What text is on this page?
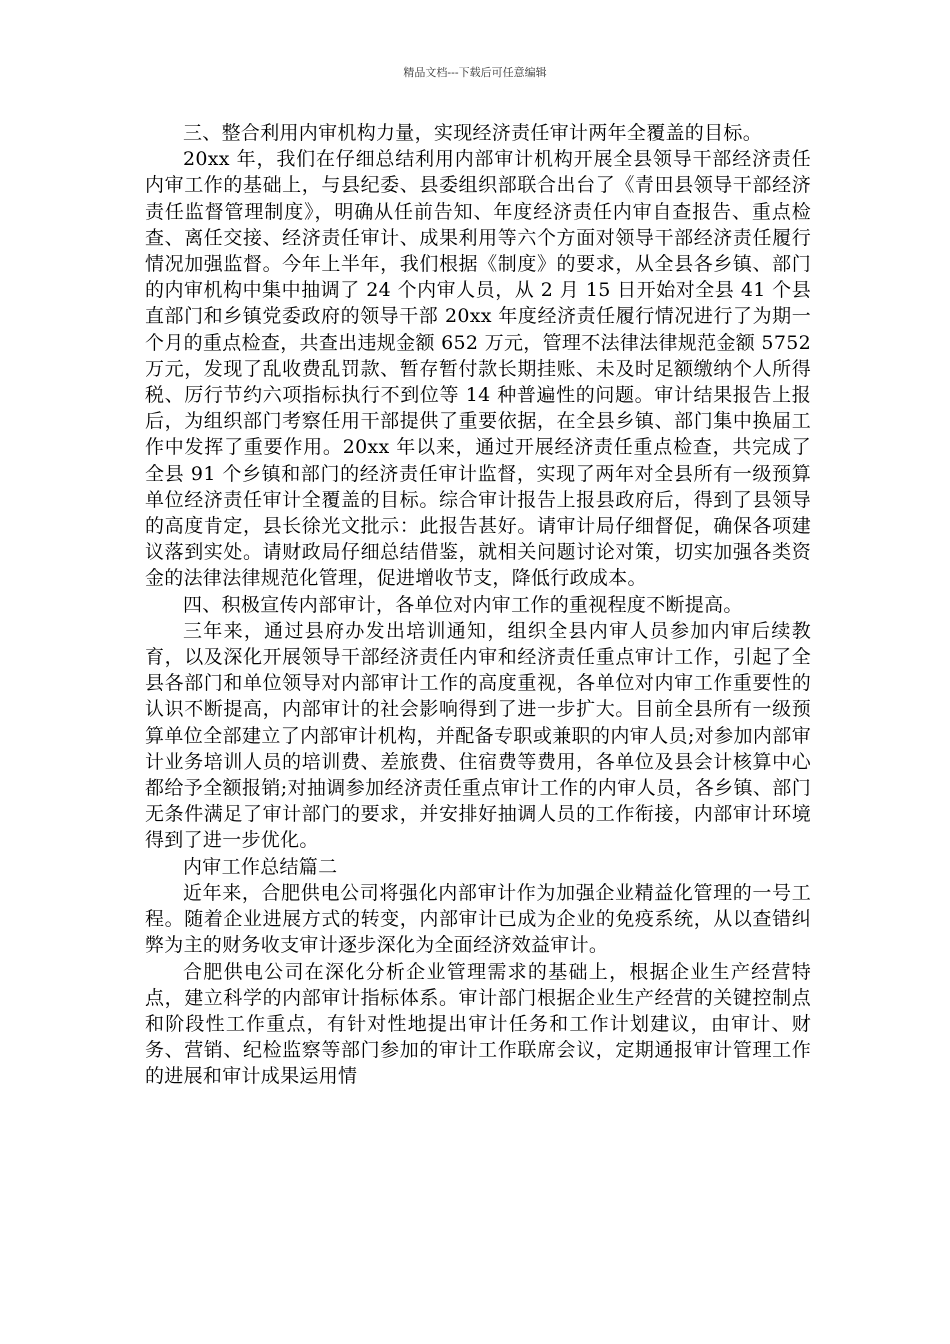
精品文档---下载后可任意编辑

三、整合利用内审机构力量，实现经济责任审计两年全覆盖的目标。

20xx 年，我们在仔细总结利用内部审计机构开展全县领导干部经济责任内审工作的基础上，与县纪委、县委组织部联合出台了《青田县领导干部经济责任监督管理制度》，明确从任前告知、年度经济责任内审自查报告、重点检查、离任交接、经济责任审计、成果利用等六个方面对领导干部经济责任履行情况加强监督。今年上半年，我们根据《制度》的要求，从全县各乡镇、部门的内审机构中集中抽调了 24 个内审人员，从 2 月 15 日开始对全县 41 个县直部门和乡镇党委政府的领导干部 20xx 年度经济责任履行情况进行了为期一个月的重点检查，共查出违规金额 652 万元，管理不法律法律规范金额 5752 万元，发现了乱收费乱罚款、暂存暂付款长期挂账、未及时足额缴纳个人所得税、厉行节约六项指标执行不到位等 14 种普遍性的问题。审计结果报告上报后，为组织部门考察任用干部提供了重要依据，在全县乡镇、部门集中换届工作中发挥了重要作用。20xx 年以来，通过开展经济责任重点检查，共完成了全县 91 个乡镇和部门的经济责任审计监督，实现了两年对全县所有一级预算单位经济责任审计全覆盖的目标。综合审计报告上报县政府后，得到了县领导的高度肯定，县长徐光文批示：此报告甚好。请审计局仔细督促，确保各项建议落到实处。请财政局仔细总结借鉴，就相关问题讨论对策，切实加强各类资金的法律法律规范化管理，促进增收节支，降低行政成本。

四、积极宣传内部审计，各单位对内审工作的重视程度不断提高。

三年来，通过县府办发出培训通知，组织全县内审人员参加内审后续教育，以及深化开展领导干部经济责任内审和经济责任重点审计工作，引起了全县各部门和单位领导对内部审计工作的高度重视，各单位对内审工作重要性的认识不断提高，内部审计的社会影响得到了进一步扩大。目前全县所有一级预算单位全部建立了内部审计机构，并配备专职或兼职的内审人员;对参加内部审计业务培训人员的培训费、差旅费、住宿费等费用，各单位及县会计核算中心都给予全额报销;对抽调参加经济责任重点审计工作的内审人员，各乡镇、部门无条件满足了审计部门的要求，并安排好抽调人员的工作衔接，内部审计环境得到了进一步优化。

内审工作总结篇二

近年来，合肥供电公司将强化内部审计作为加强企业精益化管理的一号工程。随着企业进展方式的转变，内部审计已成为企业的免疫系统，从以查错纠弊为主的财务收支审计逐步深化为全面经济效益审计。

合肥供电公司在深化分析企业管理需求的基础上，根据企业生产经营特点，建立科学的内部审计指标体系。审计部门根据企业生产经营的关键控制点和阶段性工作重点，有针对性地提出审计任务和工作计划建议，由审计、财务、营销、纪检监察等部门参加的审计工作联席会议，定期通报审计管理工作的进展和审计成果运用情
